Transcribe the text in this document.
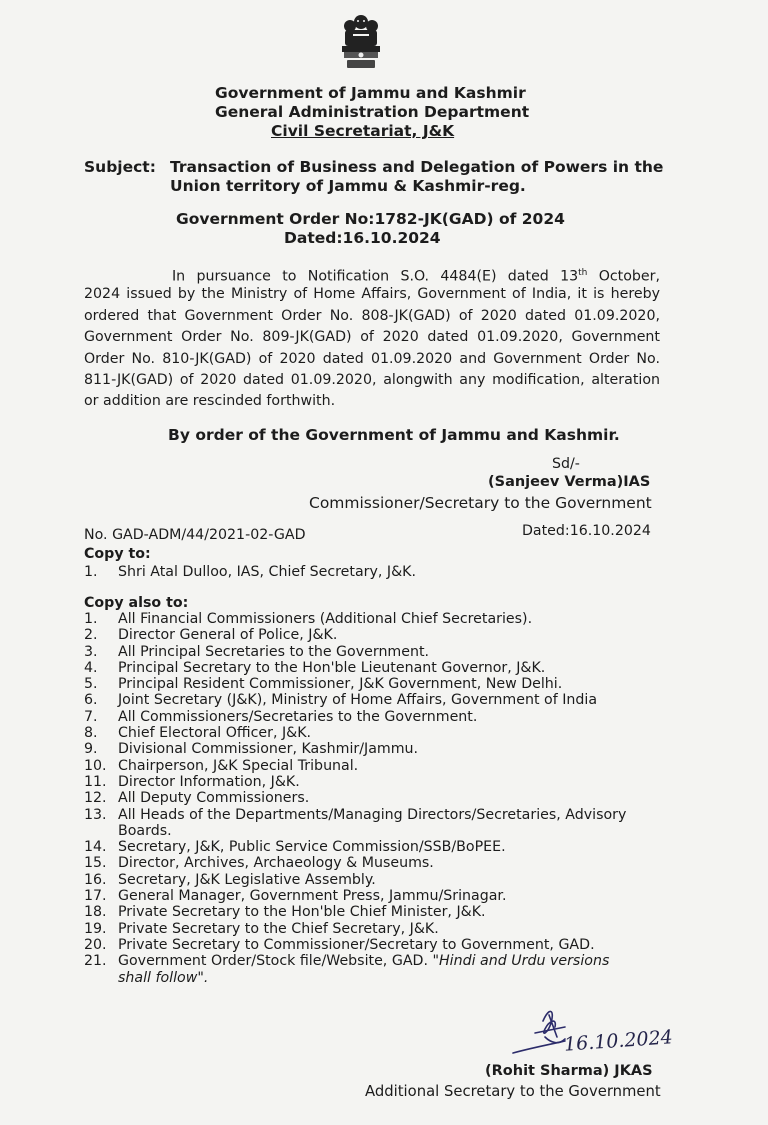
Government of Jammu and Kashmir
General Administration Department
Civil Secretariat, J&K
Subject: Transaction of Business and Delegation of Powers in the
Union territory of Jammu & Kashmir-reg.
Government Order No:1782-JK(GAD) of 2024
Dated:16.10.2024
In pursuance to Notification S.O. 4484(E) dated 13th October,
2024 issued by the Ministry of Home Affairs, Government of India, it is hereby
ordered that Government Order No. 808-JK(GAD) of 2020 dated 01.09.2020,
Government Order No. 809-JK(GAD) of 2020 dated 01.09.2020, Government
Order No. 810-JK(GAD) of 2020 dated 01.09.2020 and Government Order No.
811-JK(GAD) of 2020 dated 01.09.2020, alongwith any modification, alteration
or addition are rescinded forthwith.
By order of the Government of Jammu and Kashmir.
Sd/-
(Sanjeev Verma)IAS
Commissioner/Secretary to the Government
No. GAD-ADM/44/2021-02-GAD	Dated:16.10.2024
Copy to:
1.	Shri Atal Dulloo, IAS, Chief Secretary, J&K.
Copy also to:
1.	All Financial Commissioners (Additional Chief Secretaries).
2.	Director General of Police, J&K.
3.	All Principal Secretaries to the Government.
4.	Principal Secretary to the Hon'ble Lieutenant Governor, J&K.
5.	Principal Resident Commissioner, J&K Government, New Delhi.
6.	Joint Secretary (J&K), Ministry of Home Affairs, Government of India
7.	All Commissioners/Secretaries to the Government.
8.	Chief Electoral Officer, J&K.
9.	Divisional Commissioner, Kashmir/Jammu.
10. Chairperson, J&K Special Tribunal.
11. Director Information, J&K.
12. All Deputy Commissioners.
13. All Heads of the Departments/Managing Directors/Secretaries, Advisory
Boards.
14. Secretary, J&K, Public Service Commission/SSB/BoPEE.
15. Director, Archives, Archaeology & Museums.
16. Secretary, J&K Legislative Assembly.
17. General Manager, Government Press, Jammu/Srinagar.
18. Private Secretary to the Hon'ble Chief Minister, J&K.
19. Private Secretary to the Chief Secretary, J&K.
20. Private Secretary to Commissioner/Secretary to Government, GAD.
21. Government Order/Stock file/Website, GAD. "Hindi and Urdu versions
shall follow".
16.10.2024
(Rohit Sharma) JKAS
Additional Secretary to the Government
